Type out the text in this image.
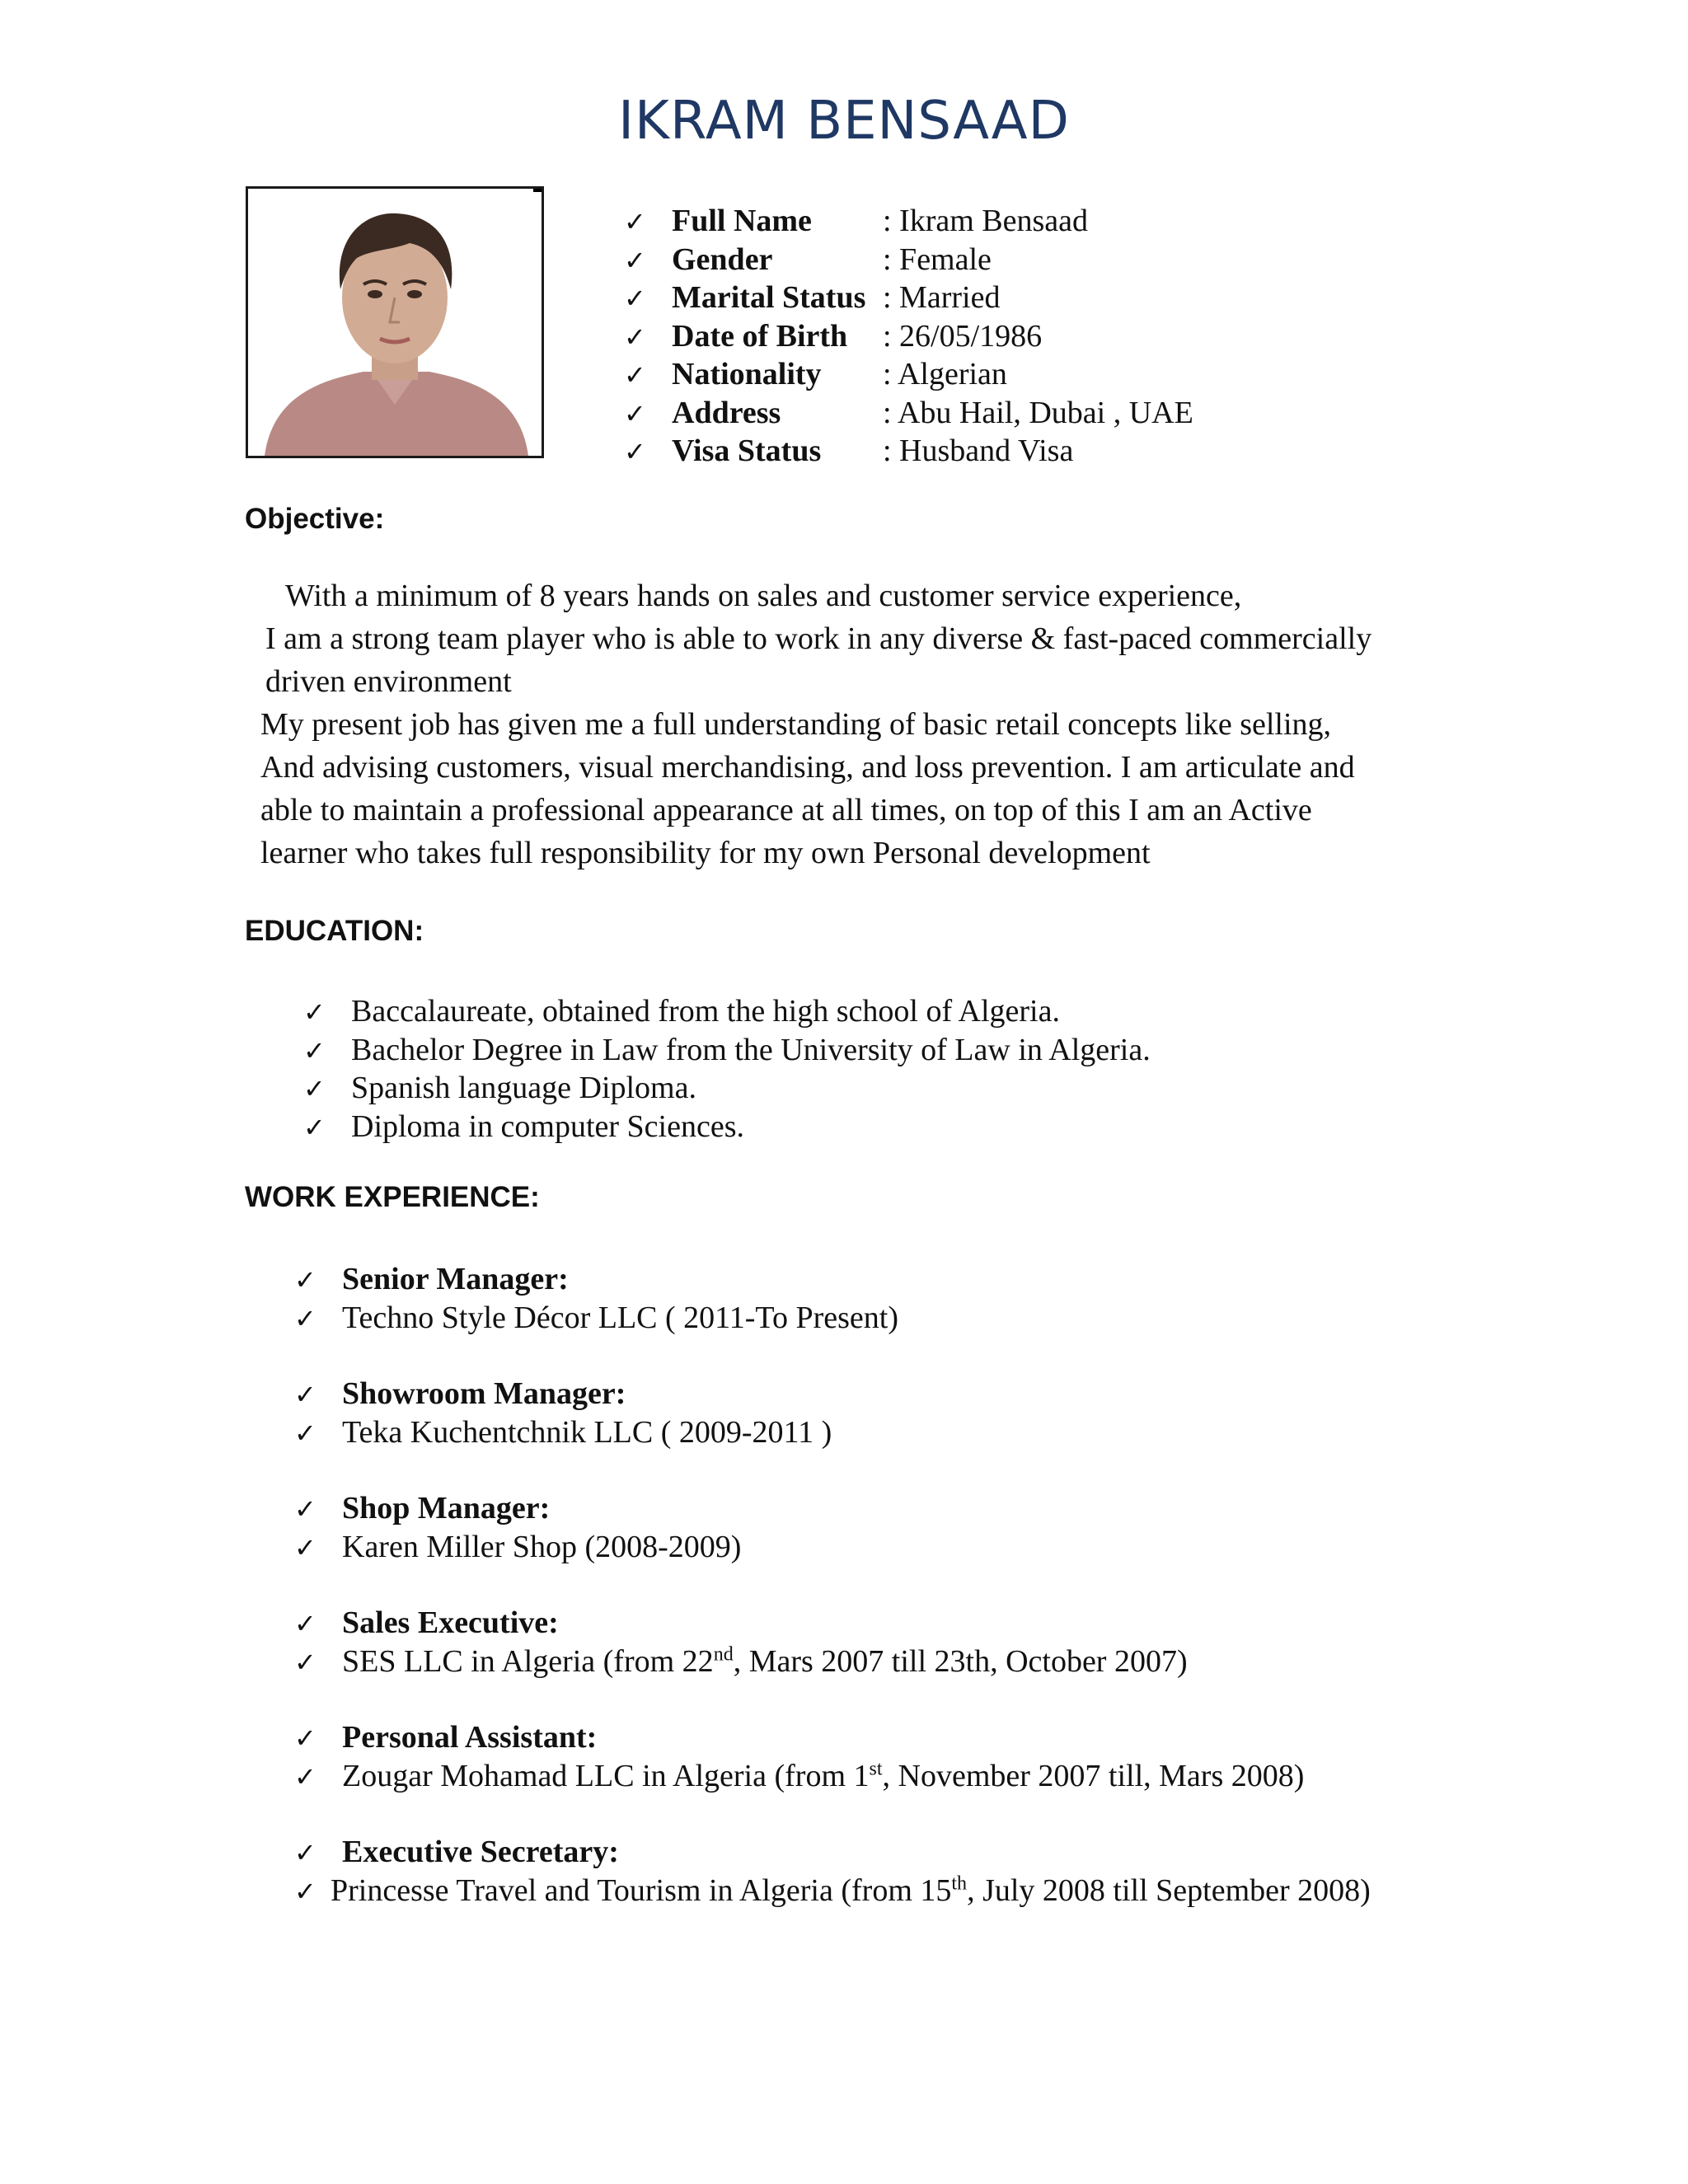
IKRAM BENSAAD
✓ Full Name	: Ikram Bensaad
✓ Gender	: Female
✓ Marital Status : Married
✓ Date of Birth	: 26/05/1986
✓ Nationality	: Algerian
✓ Address	: Abu Hail, Dubai , UAE
✓ Visa Status	: Husband Visa
Objective:
With a minimum of 8 years hands on sales and customer service experience,
I am a strong team player who is able to work in any diverse & fast-paced commercially
driven environment
My present job has given me a full understanding of basic retail concepts like selling,
And advising customers, visual merchandising, and loss prevention. I am articulate and
able to maintain a professional appearance at all times, on top of this I am an Active
learner who takes full responsibility for my own Personal development
EDUCATION:
✓ Baccalaureate, obtained from the high school of Algeria.
✓ Bachelor Degree in Law from the University of Law in Algeria.
✓ Spanish language Diploma.
✓ Diploma in computer Sciences.
WORK EXPERIENCE:
✓ Senior Manager:
✓ Techno Style Décor LLC ( 2011-To Present)
✓ Showroom Manager:
✓ Teka Kuchentchnik LLC ( 2009-2011 )
✓ Shop Manager:
✓ Karen Miller Shop (2008-2009)
✓ Sales Executive:
✓ SES LLC in Algeria (from 22nd, Mars 2007 till 23th, October 2007)
✓ Personal Assistant:
✓ Zougar Mohamad LLC in Algeria (from 1st, November 2007 till, Mars 2008)
✓ Executive Secretary:
✓ Princesse Travel and Tourism in Algeria (from 15th, July 2008 till September 2008)
